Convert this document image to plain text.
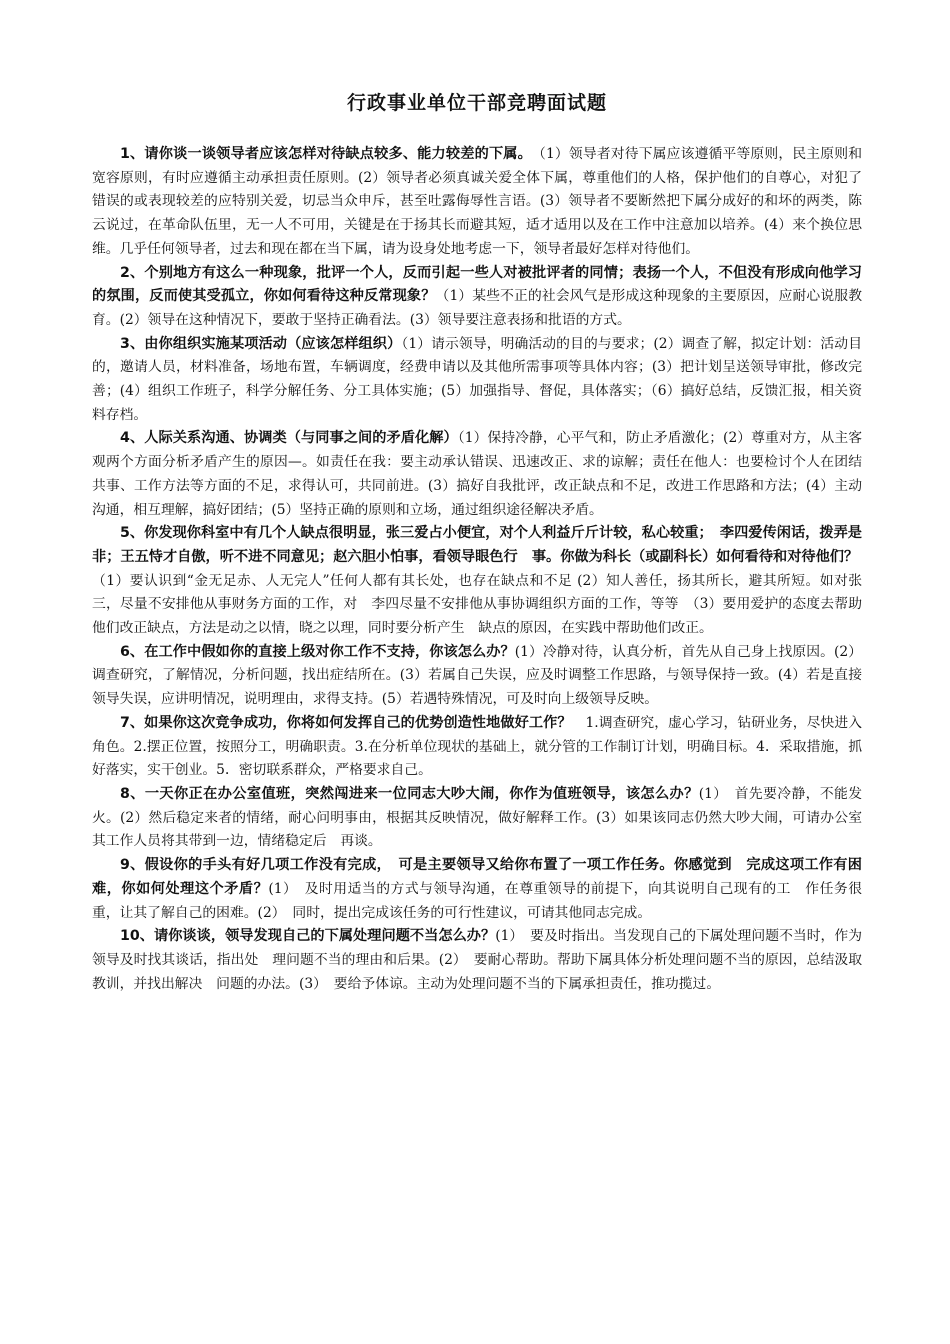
行政事业单位干部竞聘面试题

1、请你谈一谈领导者应该怎样对待缺点较多、能力较差的下属。　（1）领导者对待下属应该遵循平等原则，民主原则和宽容原则，有时应遵循主动承担责任原则。(2）领导者必须真诚关爱全体下属，尊重他们的人格，保护他们的自尊心，对犯了错误的或表现较差的应特别关爱，切忌当众申斥，甚至吐露侮辱性言语。(3）领导者不要断然把下属分成好的和坏的两类，陈云说过，在革命队伍里，无一人不可用，关键是在于扬其长而避其短，适才适用以及在工作中注意加以培养。(4）来个换位思维。几乎任何领导者，过去和现在都在当下属，请为设身处地考虑一下，领导者最好怎样对待他们。

2、个别地方有这么一种现象，批评一个人，反而引起一些人对被批评者的同情；表扬一个人，不但没有形成向他学习的氛围，反而使其受孤立，你如何看待这种反常现象？（1）某些不正的社会风气是形成这种现象的主要原因，应耐心说服教育。(2）领导在这种情况下，要敢于坚持正确看法。(3）领导要注意表扬和批语的方式。

3、由你组织实施某项活动（应该怎样组织）（1）请示领导，明确活动的目的与要求；(2）调查了解，拟定计划：活动目的，邀请人员，材料准备，场地布置，车辆调度，经费申请以及其他所需事项等具体内容；(3）把计划呈送领导审批，修改完善；(4）组织工作班子，科学分解任务、分工具体实施；(5）加强指导、督促，具体落实；（6）搞好总结，反馈汇报，相关资料存档。

4、人际关系沟通、协调类（与同事之间的矛盾化解）（1）保持冷静，心平气和，防止矛盾激化；(2）尊重对方，从主客观两个方面分析矛盾产生的原因—。如责任在我：要主动承认错误、迅速改正、求的谅解；责任在他人：也要检讨个人在团结共事、工作方法等方面的不足，求得认可，共同前进。(3）搞好自我批评，改正缺点和不足，改进工作思路和方法；(4）主动沟通，相互理解，搞好团结；(5）坚持正确的原则和立场，通过组织途径解决矛盾。

5、你发现你科室中有几个人缺点很明显，张三爱占小便宜，对个人利益斤斤计较，私心较重；　李四爱传闲话，拨弄是非；王五恃才自傲，听不进不同意见；赵六胆小怕事，看领导眼色行　事。你做为科长（或副科长）如何看待和对待他们？　（1）要认识到“金无足赤、人无完人”任何人都有其长处，也存在缺点和不足 (2）知人善任，扬其所长，避其所短。如对张三，尽量不安排他从事财务方面的工作，对　李四尽量不安排他从事协调组织方面的工作，等等　（3）要用爱护的态度去帮助他们改正缺点，方法是动之以情，晓之以理，同时要分析产生　缺点的原因，在实践中帮助他们改正。

6、在工作中假如你的直接上级对你工作不支持，你该怎么办？(1）冷静对待，认真分析，首先从自己身上找原因。(2）调查研究，了解情况，分析问题，找出症结所在。(3）若属自己失误，应及时调整工作思路，与领导保持一致。(4）若是直接领导失误，应讲明情况，说明理由，求得支持。(5）若遇特殊情况，可及时向上级领导反映。

7、如果你这次竞争成功，你将如何发挥自己的优势创造性地做好工作？　1.调查研究，虚心学习，钻研业务，尽快进入角色。2.摆正位置，按照分工，明确职责。3.在分析单位现状的基础上，就分管的工作制订计划，明确目标。4．采取措施，抓好落实，实干创业。5．密切联系群众，严格要求自己。

8、一天你正在办公室值班，突然闯进来一位同志大吵大闹，你作为值班领导，该怎么办？(1）　首先要冷静，不能发火。(2）然后稳定来者的情绪，耐心问明事由，根据其反映情况，做好解释工作。(3）如果该同志仍然大吵大闹，可请办公室其工作人员将其带到一边，情绪稳定后　再谈。

9、假设你的手头有好几项工作没有完成，　可是主要领导又给你布置了一项工作任务。你感觉到　完成这项工作有困难，你如何处理这个矛盾？(1）　及时用适当的方式与领导沟通，在尊重领导的前提下，向其说明自己现有的工　作任务很重，让其了解自己的困难。(2）　同时，提出完成该任务的可行性建议，可请其他同志完成。

10、请你谈谈，领导发现自己的下属处理问题不当怎么办？(1）　要及时指出。当发现自己的下属处理问题不当时，作为领导及时找其谈话，指出处　理问题不当的理由和后果。(2）　要耐心帮助。帮助下属具体分析处理问题不当的原因，总结汲取教训，并找出解决　问题的办法。(3）　要给予体谅。主动为处理问题不当的下属承担责任，推功揽过。
